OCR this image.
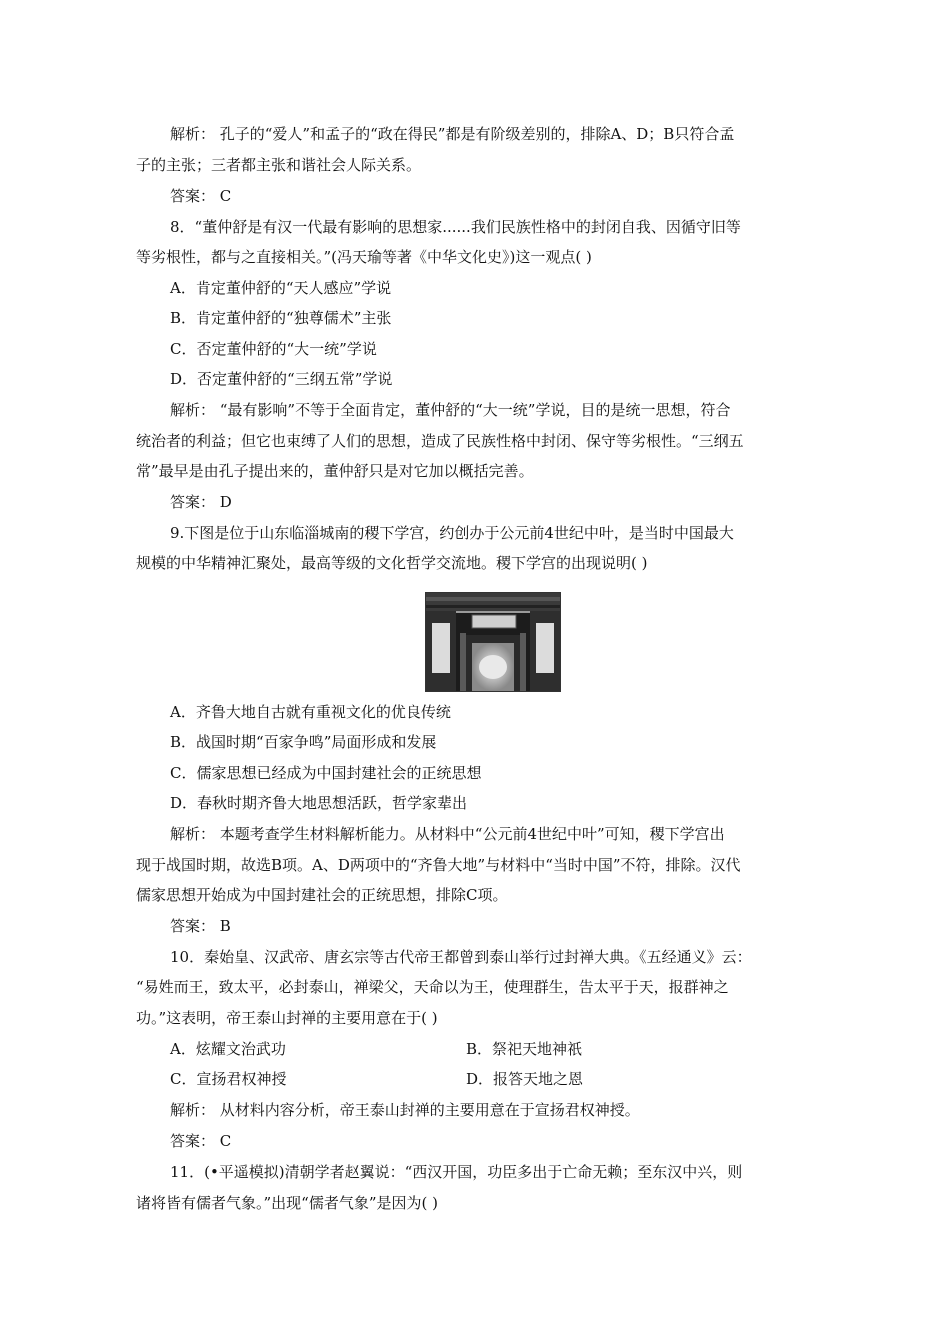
解析： 孔子的“爱人”和孟子的“政在得民”都是有阶级差别的，排除A、D；B只符合孟
子的主张；三者都主张和谐社会人际关系。
答案： C
8．“董仲舒是有汉一代最有影响的思想家......我们民族性格中的封闭自我、因循守旧等
等劣根性，都与之直接相关。”(冯天瑜等著《中华文化史》)这一观点( )
A．肯定董仲舒的“天人感应”学说
B．肯定董仲舒的“独尊儒术”主张
C．否定董仲舒的“大一统”学说
D．否定董仲舒的“三纲五常”学说
解析： “最有影响”不等于全面肯定，董仲舒的“大一统”学说，目的是统一思想，符合
统治者的利益；但它也束缚了人们的思想，造成了民族性格中封闭、保守等劣根性。“三纲五
常”最早是由孔子提出来的，董仲舒只是对它加以概括完善。
答案： D
9.下图是位于山东临淄城南的稷下学宫，约创办于公元前4世纪中叶，是当时中国最大
规模的中华精神汇聚处，最高等级的文化哲学交流地。稷下学宫的出现说明( )
A．齐鲁大地自古就有重视文化的优良传统
B．战国时期“百家争鸣”局面形成和发展
C．儒家思想已经成为中国封建社会的正统思想
D．春秋时期齐鲁大地思想活跃，哲学家辈出
解析： 本题考查学生材料解析能力。从材料中“公元前4世纪中叶”可知，稷下学宫出
现于战国时期，故选B项。A、D两项中的“齐鲁大地”与材料中“当时中国”不符，排除。汉代
儒家思想开始成为中国封建社会的正统思想，排除C项。
答案： B
10．秦始皇、汉武帝、唐玄宗等古代帝王都曾到泰山举行过封禅大典。《五经通义》云：
“易姓而王，致太平，必封泰山，禅梁父，天命以为王，使理群生，告太平于天，报群神之
功。”这表明，帝王泰山封禅的主要用意在于( )
A．炫耀文治武功	B．祭祀天地神祇
C．宣扬君权神授	D．报答天地之恩
解析： 从材料内容分析，帝王泰山封禅的主要用意在于宣扬君权神授。
答案： C
11．(•平遥模拟)清朝学者赵翼说：“西汉开国，功臣多出于亡命无赖；至东汉中兴，则
诸将皆有儒者气象。”出现“儒者气象”是因为( )
